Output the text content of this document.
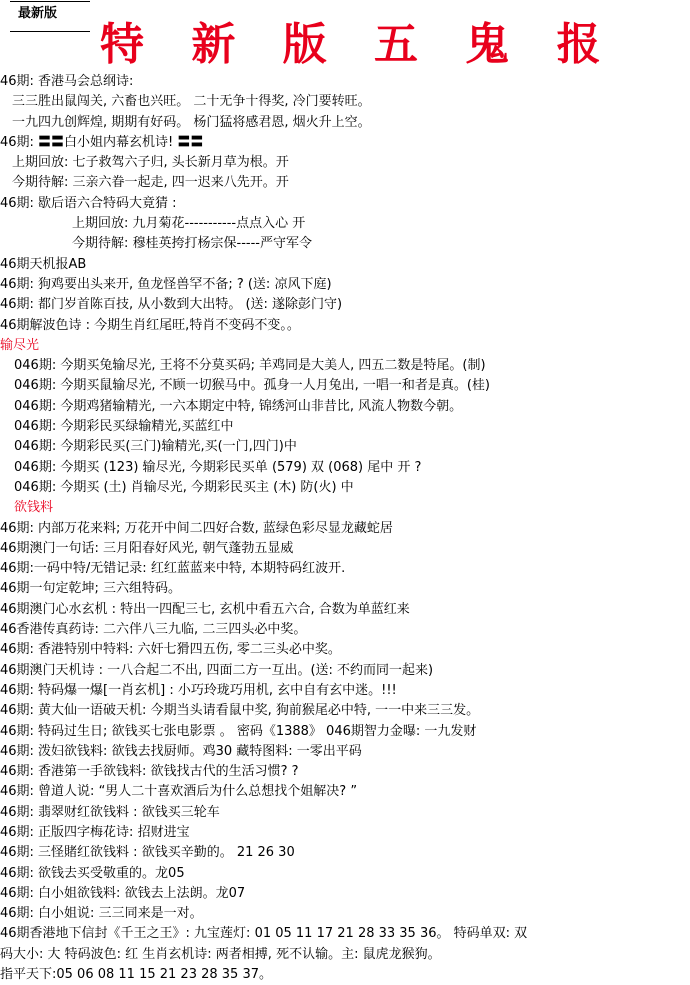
最新版
特 新 版 五 鬼 报
46期: 香港马会总纲诗:
三三胜出鼠闯关, 六畜也兴旺。 二十无争十得奖, 冷门要转旺。
一九四九创辉煌, 期期有好码。 杨门猛将感君恩, 烟火升上空。
46期: 〓〓白小姐内幕玄机诗! 〓〓
上期回放: 七子救驾六子归, 头长新月草为根。开
今期待解: 三亲六眷一起走, 四一迟来八先开。开
46期: 歇后语六合特码大竟猜 :
上期回放: 九月菊花-----------点点入心 开
今期待解: 穆桂英挎打杨宗保-----严守军令
46期天机报AB
46期: 狗鸡要出头来开, 鱼龙怪兽罕不备; ? (送: 凉风下庭)
46期: 都门岁首陈百技, 从小数到大出特。 (送: 遂除彭门守)
46期解波色诗 : 今期生肖红尾旺,特肖不变码不变。。
输尽光
046期: 今期买兔输尽光, 王将不分莫买码; 羊鸡同是大美人, 四五二数是特尾。(制)
046期: 今期买鼠输尽光, 不顾一切猴马中。孤身一人月兔出, 一唱一和者是真。(桂)
046期: 今期鸡猪输精光, 一六本期定中特, 锦绣河山非昔比, 风流人物数今朝。
046期: 今期彩民买绿输精光,买蓝红中
046期: 今期彩民买(三门)输精光,买(一门,四门)中
046期: 今期买 (123) 输尽光, 今期彩民买单 (579) 双 (068) 尾中 开 ?
046期: 今期买 (土) 肖输尽光, 今期彩民买主 (木) 防(火) 中
欲钱料
46期: 内部万花来料; 万花开中间二四好合数, 蓝绿色彩尽显龙藏蛇居
46期澳门一句话: 三月阳春好风光, 朝气蓬勃五显威
46期:一码中特/无错记录: 红红蓝蓝来中特, 本期特码红波开.
46期一句定乾坤; 三六组特码。
46期澳门心水玄机 : 特出一四配三七, 玄机中看五六合, 合数为单蓝红来
46香港传真药诗: 二六伴八三九临, 二三四头必中奖。
46期: 香港特别中特料: 六奸七猾四五伤, 零二三头必中奖。
46期澳门天机诗 : 一八合起二不出, 四面二方一互出。(送: 不约而同一起来)
46期: 特码爆一爆[一肖玄机] : 小巧玲珑巧用机, 玄中自有玄中迷。!!!
46期: 黄大仙一语破天机: 今期当头请看鼠中奖, 狗前猴尾必中特, 一一中来三三发。
46期: 特码过生日; 欲钱买七张电影票 。 密码《1388》 046期智力金曝: 一九发财
46期: 泼妇欲钱料: 欲钱去找厨师。鸡30 藏特图料: 一零出平码
46期: 香港第一手欲钱料: 欲钱找古代的生活习惯? ?
46期: 曾道人说: “男人二十喜欢酒后为什么总想找个姐解决? ”
46期: 翡翠财红欲钱料 : 欲钱买三轮车
46期: 正版四字梅花诗: 招财进宝
46期: 三怪賭红欲钱料 : 欲钱买辛勤的。 21 26 30
46期: 欲钱去买受敬重的。龙05
46期: 白小姐欲钱料: 欲钱去上法朗。龙07
46期: 白小姐说: 三三同来是一对。
46期香港地下信封《千王之王》: 九宝莲灯: 01 05 11 17 21 28 33 35 36。 特码单双: 双
码大小: 大 特码波色: 红 生肖玄机诗: 两者相搏, 死不认输。主: 鼠虎龙猴狗。
指平天下:05 06 08 11 15 21 23 28 35 37。
